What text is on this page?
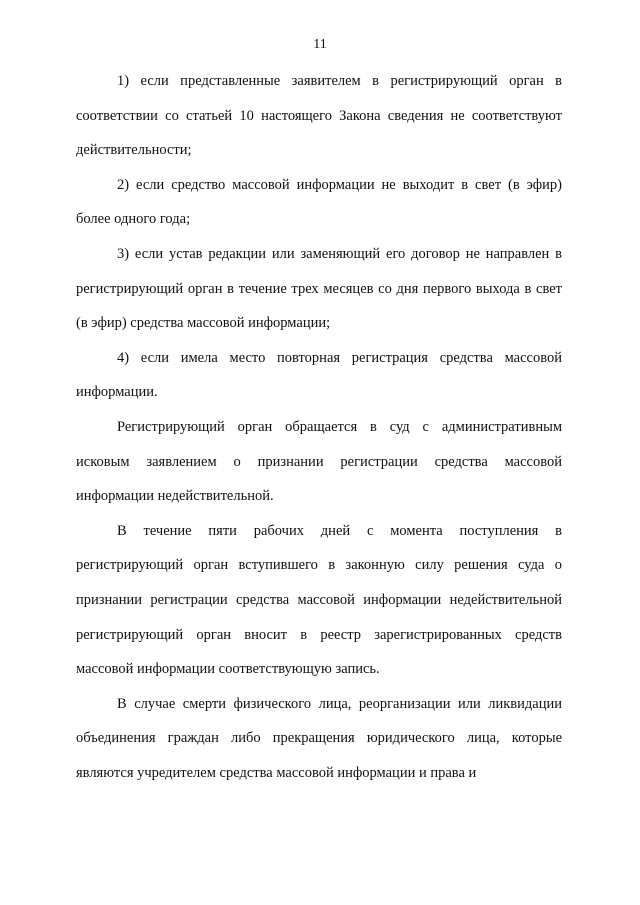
11

1) если представленные заявителем в регистрирующий орган в соответствии со статьей 10 настоящего Закона сведения не соответствуют действительности;

2) если средство массовой информации не выходит в свет (в эфир) более одного года;

3) если устав редакции или заменяющий его договор не направлен в регистрирующий орган в течение трех месяцев со дня первого выхода в свет (в эфир) средства массовой информации;

4) если имела место повторная регистрация средства массовой информации.

Регистрирующий орган обращается в суд с административным исковым заявлением о признании регистрации средства массовой информации недействительной.

В течение пяти рабочих дней с момента поступления в регистрирующий орган вступившего в законную силу решения суда о признании регистрации средства массовой информации недействительной регистрирующий орган вносит в реестр зарегистрированных средств массовой информации соответствующую запись.

В случае смерти физического лица, реорганизации или ликвидации объединения граждан либо прекращения юридического лица, которые являются учредителем средства массовой информации и права и
